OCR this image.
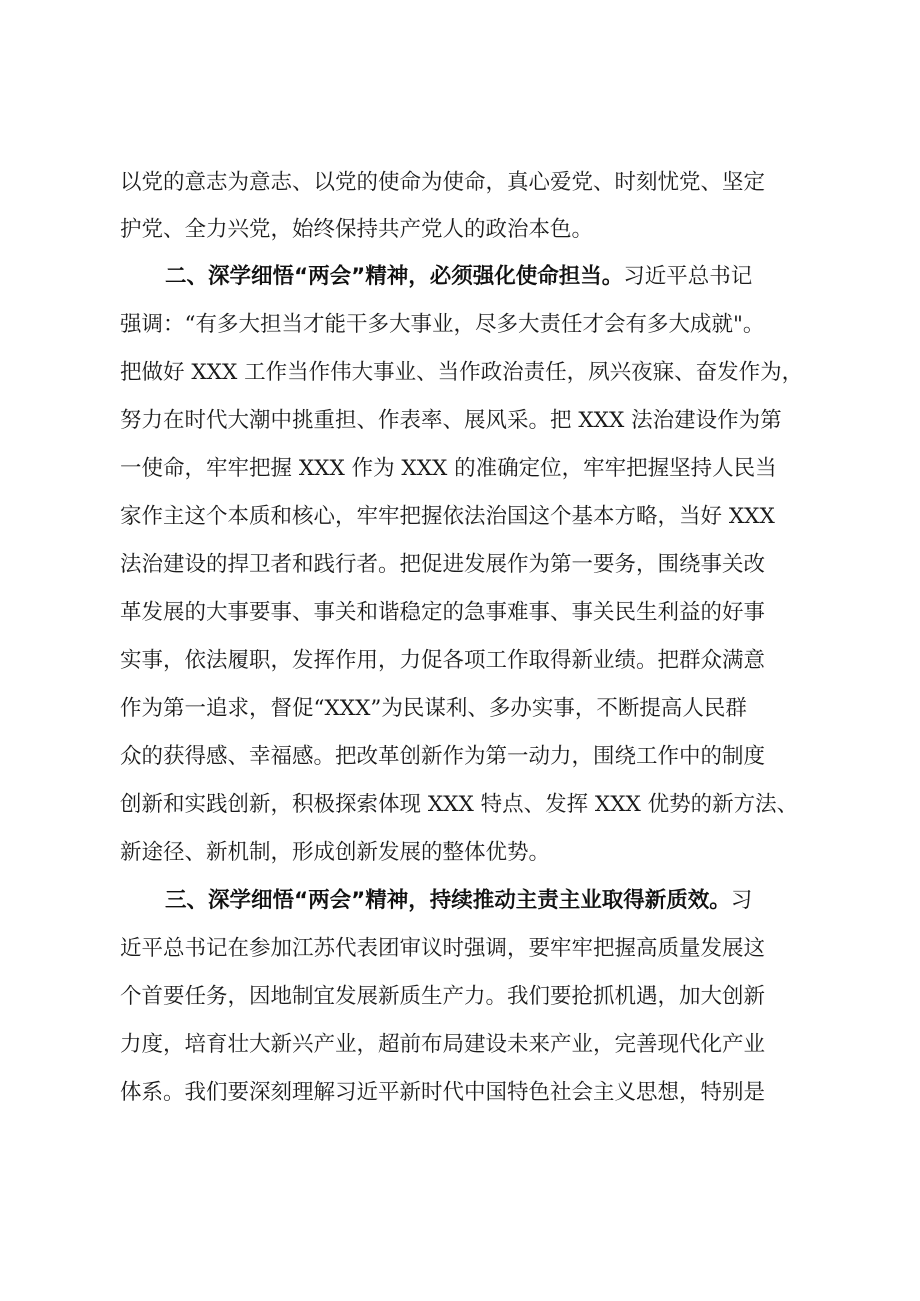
以党的意志为意志、以党的使命为使命，真心爱党、时刻忧党、坚定
护党、全力兴党，始终保持共产党人的政治本色。
二、深学细悟“两会”精神，必须强化使命担当。习近平总书记
强调：“有多大担当才能干多大事业，尽多大责任才会有多大成就"。
把做好 XXX 工作当作伟大事业、当作政治责任，夙兴夜寐、奋发作为，
努力在时代大潮中挑重担、作表率、展风采。把 XXX 法治建设作为第
一使命，牢牢把握 XXX 作为 XXX 的准确定位，牢牢把握坚持人民当
家作主这个本质和核心，牢牢把握依法治国这个基本方略，当好 XXX
法治建设的捍卫者和践行者。把促进发展作为第一要务，围绕事关改
革发展的大事要事、事关和谐稳定的急事难事、事关民生利益的好事
实事，依法履职，发挥作用，力促各项工作取得新业绩。把群众满意
作为第一追求，督促“XXX”为民谋利、多办实事，不断提高人民群
众的获得感、幸福感。把改革创新作为第一动力，围绕工作中的制度
创新和实践创新，积极探索体现 XXX 特点、发挥 XXX 优势的新方法、
新途径、新机制，形成创新发展的整体优势。
三、深学细悟“两会”精神，持续推动主责主业取得新质效。习
近平总书记在参加江苏代表团审议时强调，要牢牢把握高质量发展这
个首要任务，因地制宜发展新质生产力。我们要抢抓机遇，加大创新
力度，培育壮大新兴产业，超前布局建设未来产业，完善现代化产业
体系。我们要深刻理解习近平新时代中国特色社会主义思想，特别是
